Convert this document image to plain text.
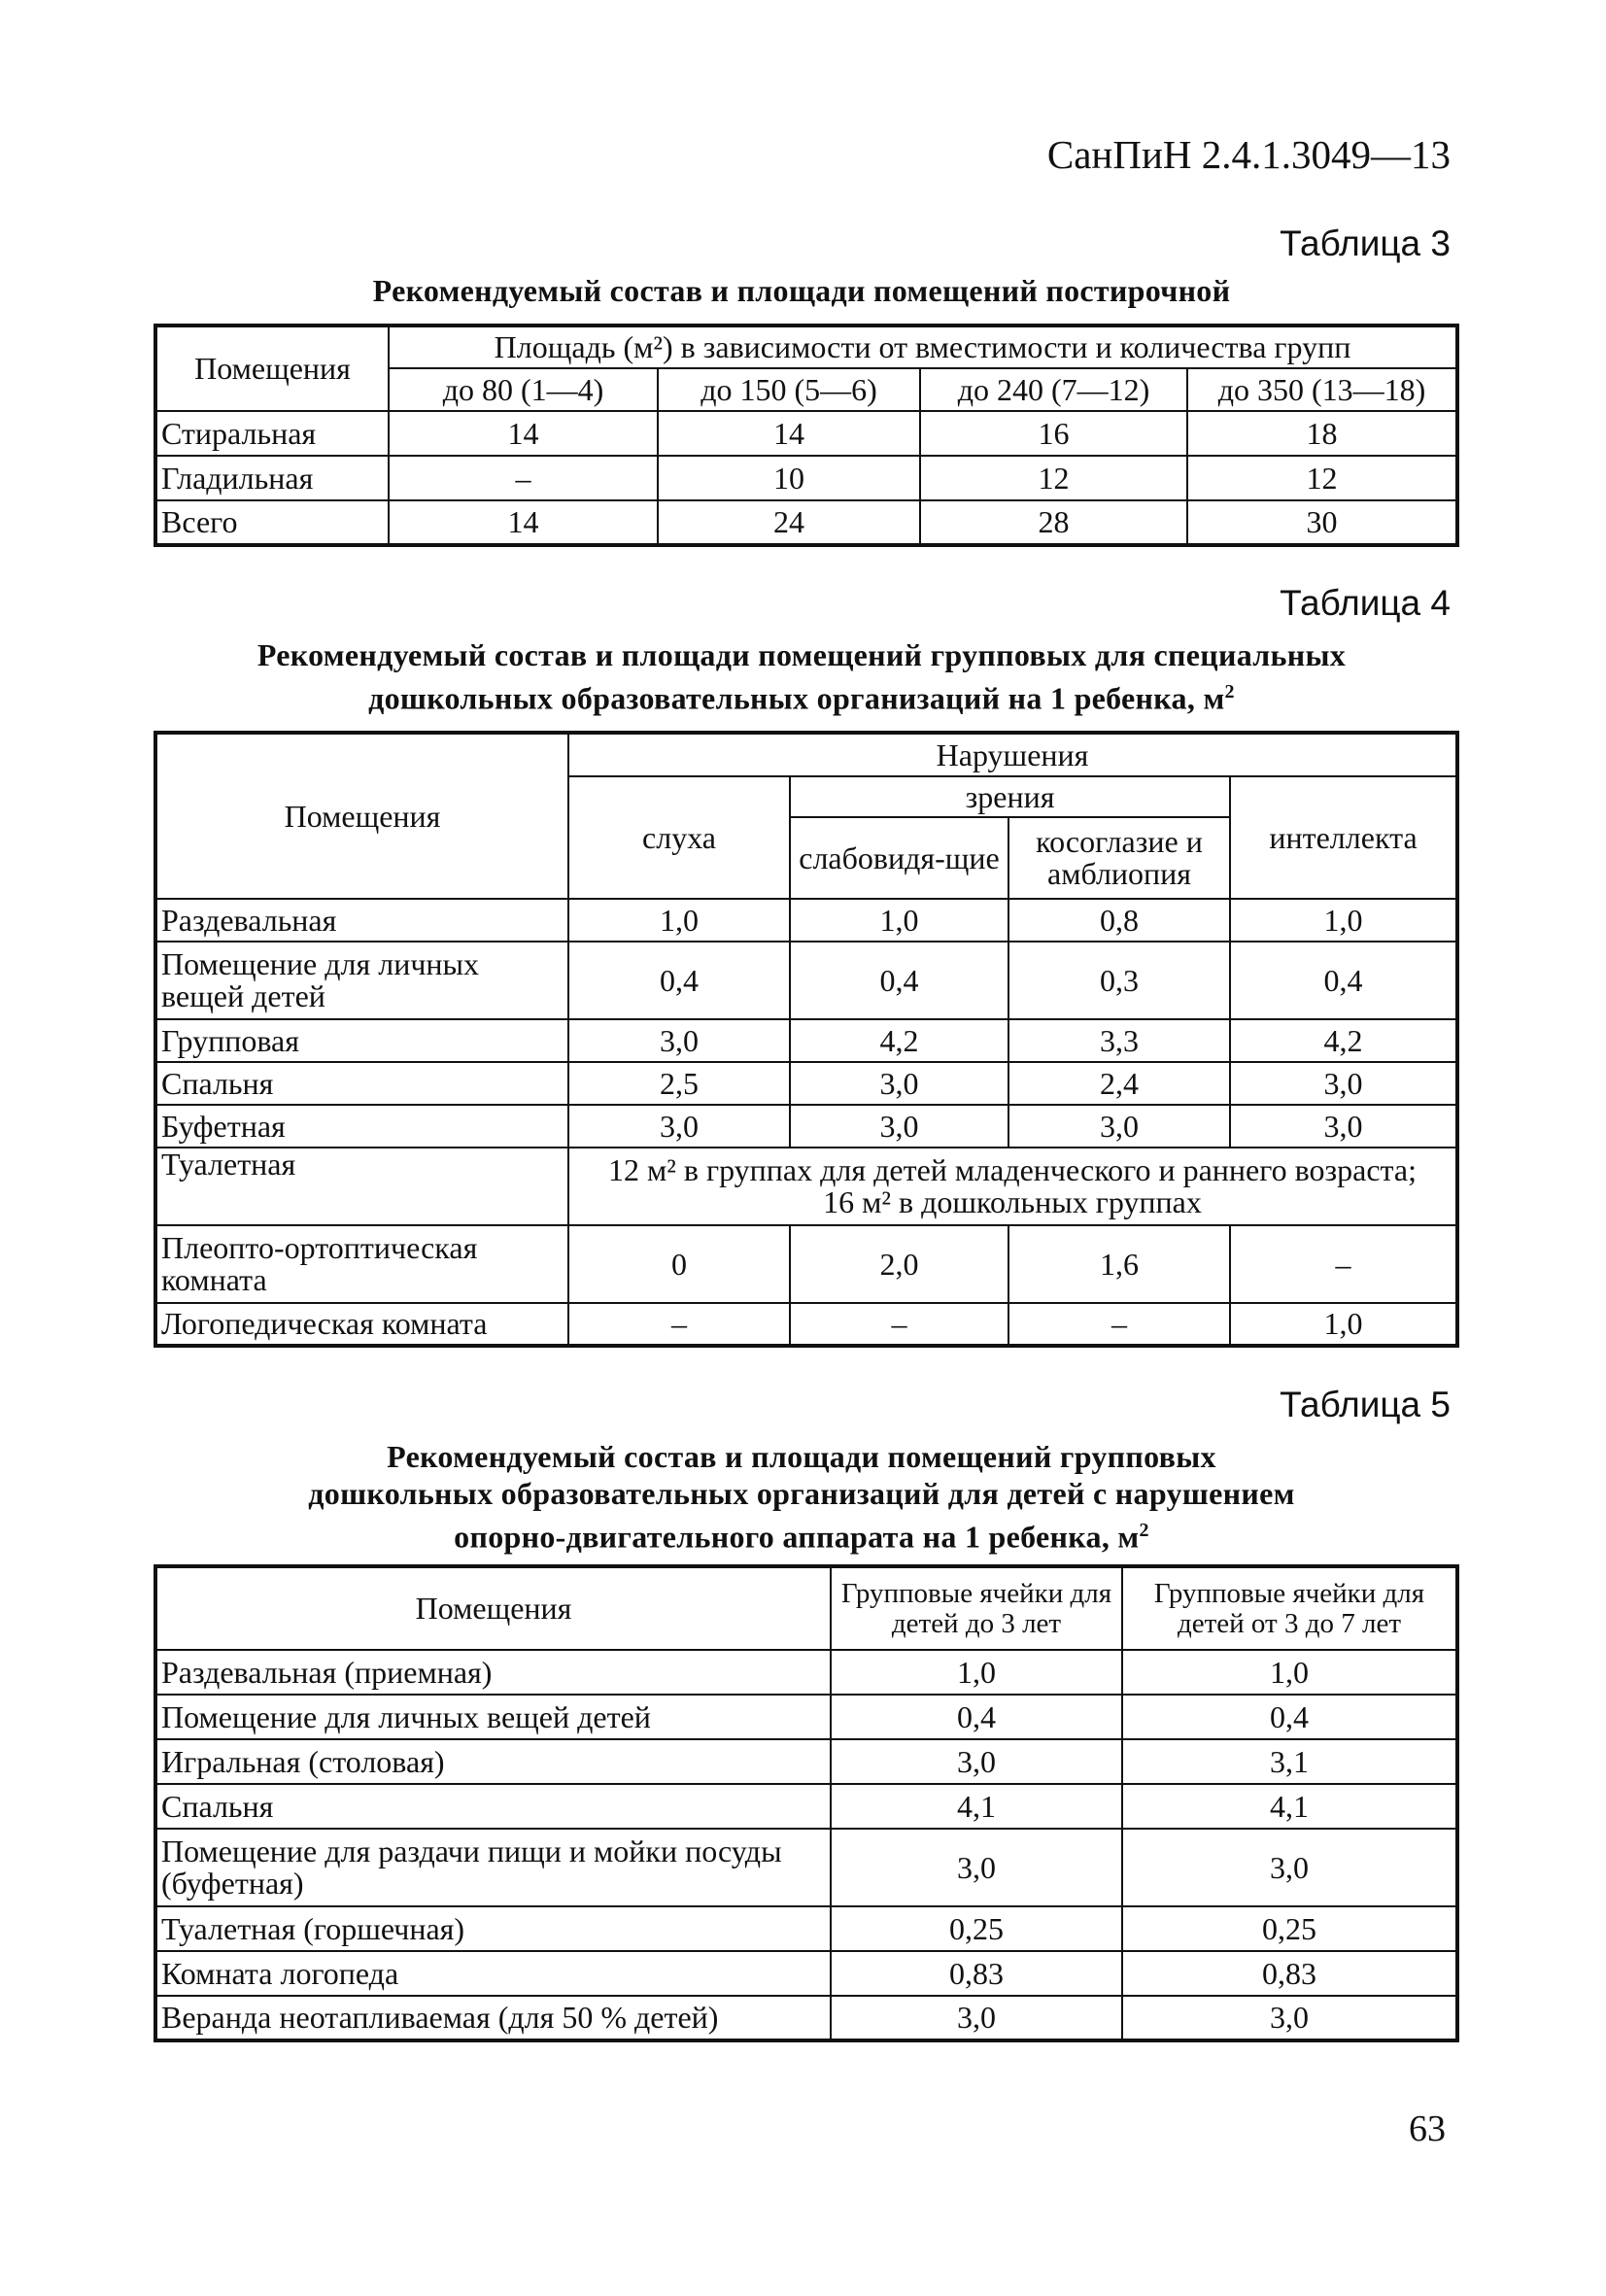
СанПиН 2.4.1.3049—13
Таблица 3
Рекомендуемый состав и площади помещений постирочной
Помещения	Площадь (м²) в зависимости от вместимости и количества групп			
	до 80 (1—4)	до 150 (5—6)	до 240 (7—12)	до 350 (13—18)
Стиральная	14	14	16	18
Гладильная	–	10	12	12
Всего	14	24	28	30
Таблица 4
Рекомендуемый состав и площади помещений групповых для специальных
дошкольных образовательных организаций на 1 ребенка, $м^2$
Помещения	Нарушения			
	слуха	зрения		интеллекта
		слабовидя-щие	косоглазие и амблиопия	
Раздевальная	1,0	1,0	0,8	1,0
Помещение для личных вещей детей	0,4	0,4	0,3	0,4
Групповая	3,0	4,2	3,3	4,2
Спальня	2,5	3,0	2,4	3,0
Буфетная	3,0	3,0	3,0	3,0
Туалетная	12 м² в группах для детей младенческого и раннего возраста; 16 м² в дошкольных группах			
Плеопто-ортоптическая комната	0	2,0	1,6	–
Логопедическая комната	–	–	–	1,0
Таблица 5
Рекомендуемый состав и площади помещений групповых
дошкольных образовательных организаций для детей с нарушением
опорно-двигательного аппарата на 1 ребенка, $м^2$
Помещения	Групповые ячейки для детей до 3 лет	Групповые ячейки для детей от 3 до 7 лет
Раздевальная (приемная)	1,0	1,0
Помещение для личных вещей детей	0,4	0,4
Игральная (столовая)	3,0	3,1
Спальня	4,1	4,1
Помещение для раздачи пищи и мойки посуды (буфетная)	3,0	3,0
Туалетная (горшечная)	0,25	0,25
Комната логопеда	0,83	0,83
Веранда неотапливаемая (для 50 % детей)	3,0	3,0
63
